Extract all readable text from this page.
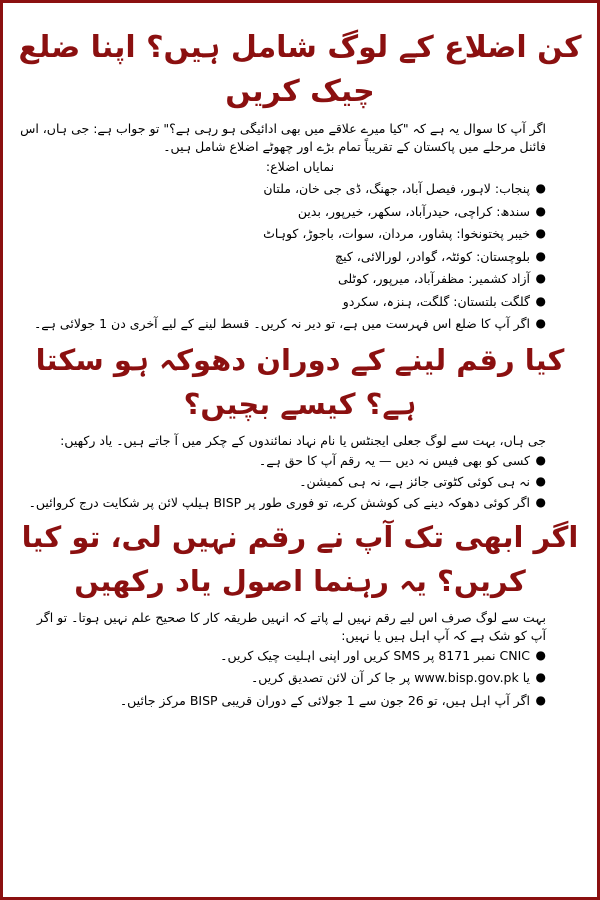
کن اضلاع کے لوگ شامل ہیں؟ اپنا ضلع چیک کریں

اگر آپ کا سوال یہ ہے کہ "کیا میرے علاقے میں بھی ادائیگی ہو رہی ہے؟" تو جواب ہے: جی ہاں، اس فائنل مرحلے میں پاکستان کے تقریباً تمام بڑے اور چھوٹے اضلاع شامل ہیں۔

نمایاں اضلاع:

●
پنجاب: لاہور، فیصل آباد، جھنگ، ڈی جی خان، ملتان
●
سندھ: کراچی، حیدرآباد، سکھر، خیرپور، بدین
●
خیبر پختونخوا: پشاور، مردان، سوات، باجوڑ، کوہاٹ
●
بلوچستان: کوئٹہ، گوادر، لورالائی، کیچ
●
آزاد کشمیر: مظفرآباد، میرپور، کوٹلی
●
گلگت بلتستان: گلگت، ہنزہ، سکردو
●
اگر آپ کا ضلع اس فہرست میں ہے، تو دیر نہ کریں۔ قسط لینے کے لیے آخری دن 1 جولائی ہے۔
کیا رقم لینے کے دوران دھوکہ ہو سکتا ہے؟ کیسے بچیں؟

جی ہاں، بہت سے لوگ جعلی ایجنٹس یا نام نہاد نمائندوں کے چکر میں آ جاتے ہیں۔ یاد رکھیں:

●
کسی کو بھی فیس نہ دیں — یہ رقم آپ کا حق ہے۔
●
نہ ہی کوئی کٹوتی جائز ہے، نہ ہی کمیشن۔
●
اگر کوئی دھوکہ دینے کی کوشش کرے، تو فوری طور پر BISP ہیلپ لائن پر شکایت درج کروائیں۔
اگر ابھی تک آپ نے رقم نہیں لی، تو کیا کریں؟ یہ رہنما اصول یاد رکھیں

بہت سے لوگ صرف اس لیے رقم نہیں لے پاتے کہ انہیں طریقہ کار کا صحیح علم نہیں ہوتا۔ تو اگر آپ کو شک ہے کہ آپ اہل ہیں یا نہیں:

●
CNIC نمبر 8171 پر SMS کریں اور اپنی اہلیت چیک کریں۔
●
یا www.bisp.gov.pk پر جا کر آن لائن تصدیق کریں۔
●
اگر آپ اہل ہیں، تو 26 جون سے 1 جولائی کے دوران قریبی BISP مرکز جائیں۔
